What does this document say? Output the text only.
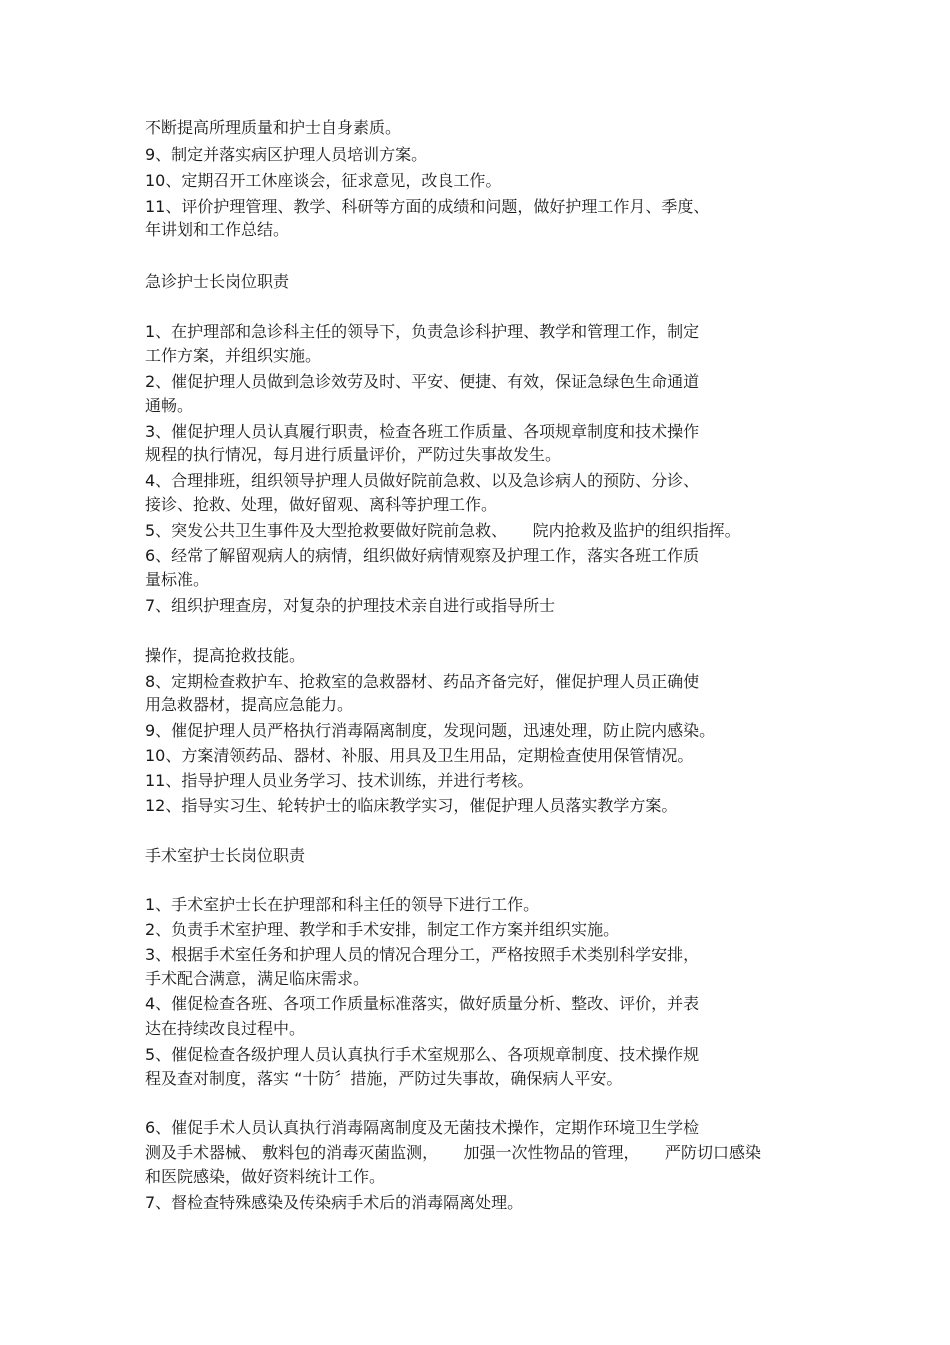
不断提高所理质量和护士自身素质。
9、制定并落实病区护理人员培训方案。
10、定期召开工休座谈会，征求意见，改良工作。
11、评价护理管理、教学、科研等方面的成绩和问题，做好护理工作月、季度、
年讲划和工作总结。
急诊护士长岗位职责
1、在护理部和急诊科主任的领导下，负责急诊科护理、教学和管理工作，制定
工作方案，并组织实施。
2、催促护理人员做到急诊效劳及时、平安、便捷、有效，保证急绿色生命通道
通畅。
3、催促护理人员认真履行职责，检查各班工作质量、各项规章制度和技术操作
规程的执行情况，每月进行质量评价，严防过失事故发生。
4、合理排班，组织领导护理人员做好院前急救、以及急诊病人的预防、分诊、
接诊、抢救、处理，做好留观、离科等护理工作。
5、突发公共卫生事件及大型抢救要做好院前急救、     院内抢救及监护的组织指挥。
6、经常了解留观病人的病情，组织做好病情观察及护理工作，落实各班工作质
量标准。
7、组织护理查房，对复杂的护理技术亲自进行或指导所士
操作，提高抢救技能。
8、定期检查救护车、抢救室的急救器材、药品齐备完好，催促护理人员正确使
用急救器材，提高应急能力。
9、催促护理人员严格执行消毒隔离制度，发现问题，迅速处理，防止院内感染。
10、方案清领药品、器材、补服、用具及卫生用品，定期检查使用保管情况。
11、指导护理人员业务学习、技术训练，并进行考核。
12、指导实习生、轮转护士的临床教学实习，催促护理人员落实教学方案。
手术室护士长岗位职责
1、手术室护士长在护理部和科主任的领导下进行工作。
2、负责手术室护理、教学和手术安排，制定工作方案并组织实施。
3、根据手术室任务和护理人员的情况合理分工，严格按照手术类别科学安排，
手术配合满意，满足临床需求。
4、催促检查各班、各项工作质量标准落实，做好质量分析、整改、评价，并表
达在持续改良过程中。
5、催促检查各级护理人员认真执行手术室规那么、各项规章制度、技术操作规
程及查对制度，落实 “十防〞措施，严防过失事故，确保病人平安。
6、催促手术人员认真执行消毒隔离制度及无菌技术操作，定期作环境卫生学检
测及手术器械、 敷料包的消毒灭菌监测，     加强一次性物品的管理，     严防切口感染
和医院感染，做好资料统计工作。
7、督检查特殊感染及传染病手术后的消毒隔离处理。
